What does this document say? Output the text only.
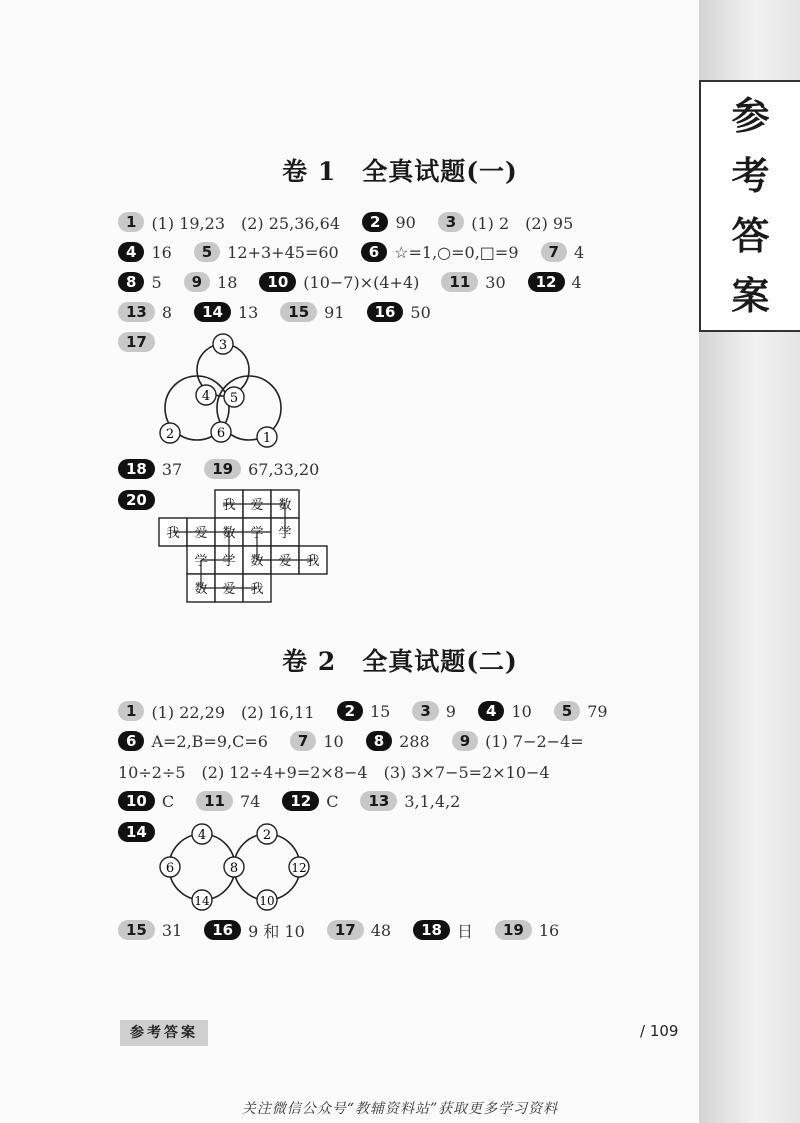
参
考
答
案
卷 1　全真试题(一)
1 (1) 19,23　(2) 25,36,64	2 90	3 (1) 2　(2) 95
4 16	5 12+3+45=60	6 ☆=1,○=0,□=9	7 4
8 5	9 18	10 (10−7)×(4+4)	11 30	12 4
13 8	14 13	15 91	16 50
17	3
4 5
2	6	1
18 37	19 67,33,20
20	我 爱 数
我 爱 数 学 学
学 学 数 爱 我
数 爱 我
卷 2　全真试题(二)
1 (1) 22,29　(2) 16,11	2 15	3 9	4 10	5 79
6 A=2,B=9,C=6	7 10	8 288	9 (1) 7−2−4=
10÷2÷5　(2) 12÷4+9=2×8−4　(3) 3×7−5=2×10−4
10 C	11 74	12 C	13 3,1,4,2
14	4	2
6	8	12
14	10
15 31	16 9 和 10	17 48	18 日	19 16
参考答案	/ 109
关注微信公众号“教辅资料站”获取更多学习资料
